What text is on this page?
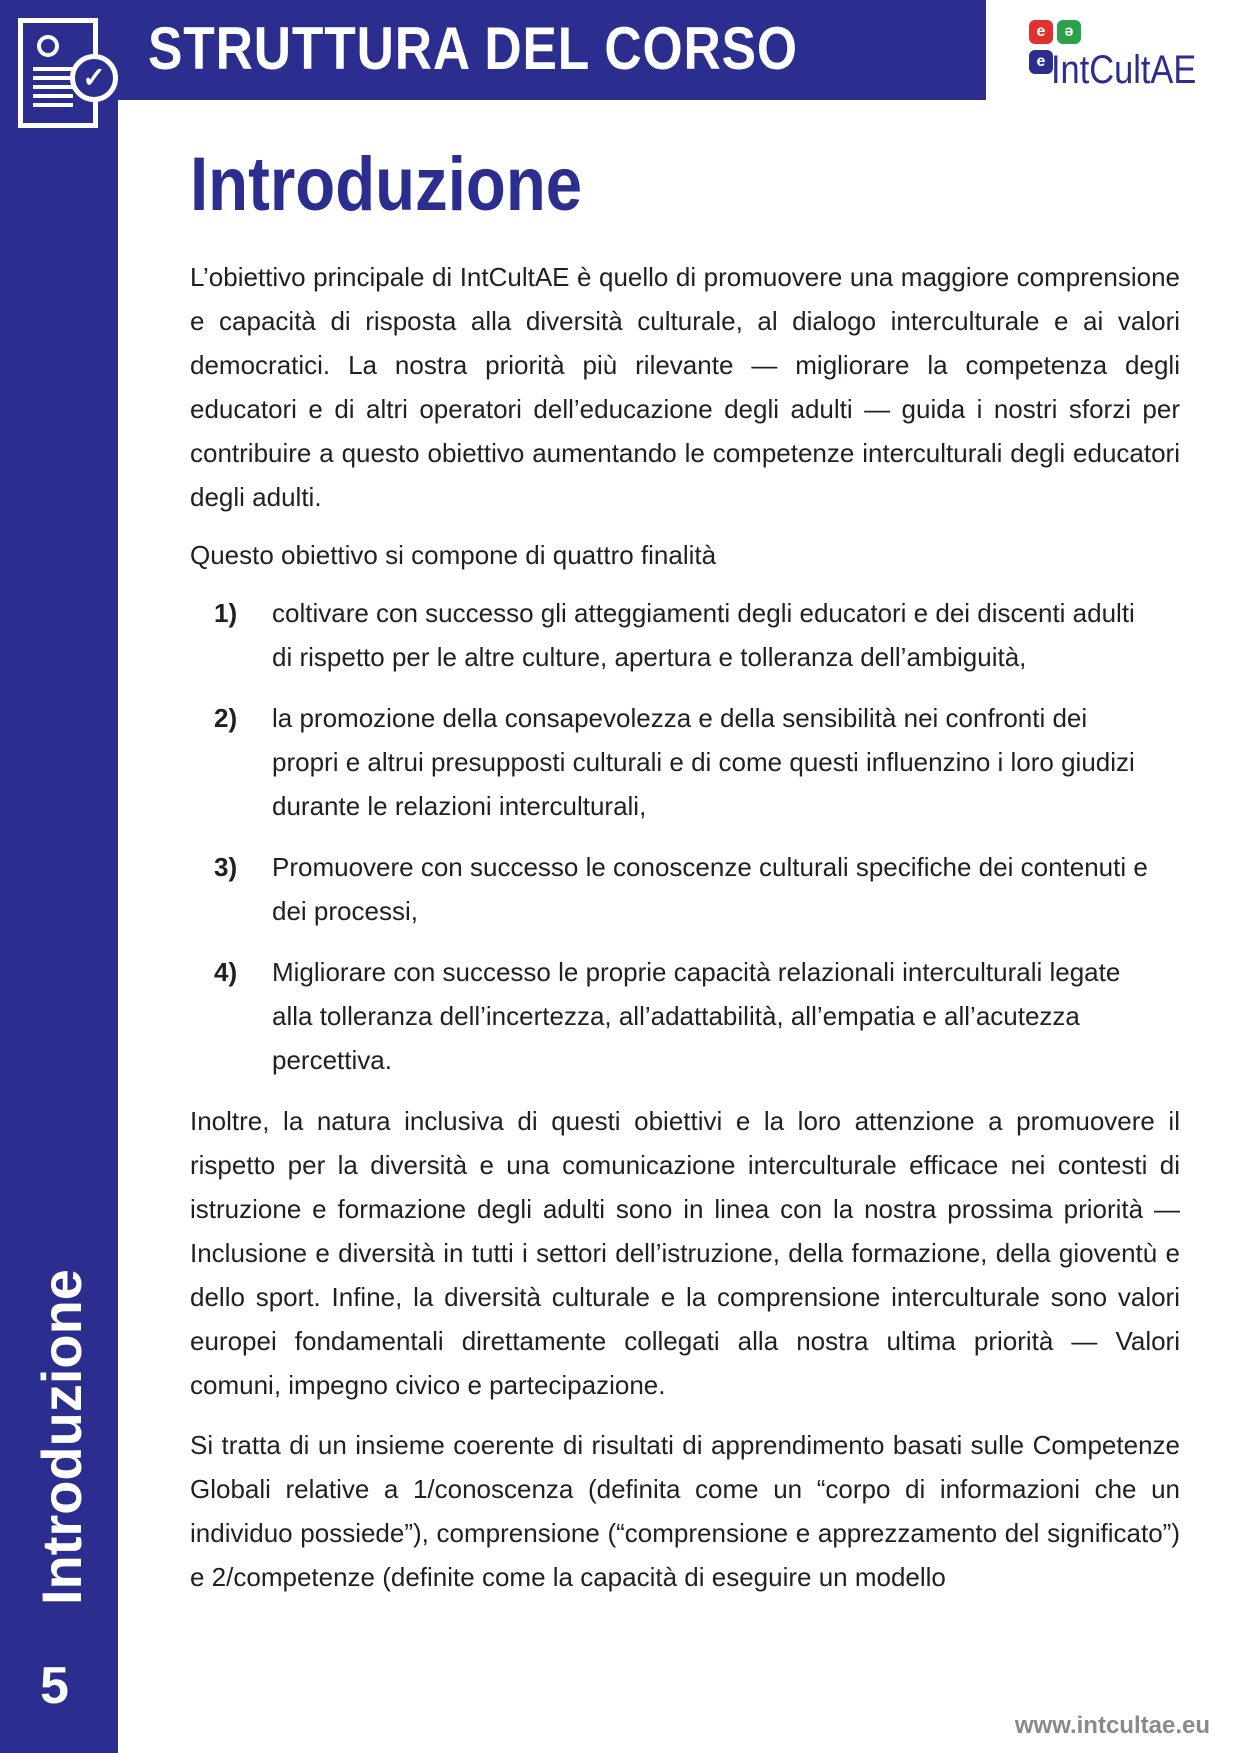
✓ STRUTTURA DEL CORSO	e	ə
e IntCultAE
Introduzione

L’obiettivo principale di IntCultAE è quello di promuovere una maggiore comprensione e capacità di risposta alla diversità culturale, al dialogo interculturale e ai valori democratici. La nostra priorità più rilevante — migliorare la competenza degli educatori e di altri operatori dell’educazione degli adulti — guida i nostri sforzi per contribuire a questo obiettivo aumentando le competenze interculturali degli educatori degli adulti.

Questo obiettivo si compone di quattro finalità

1) coltivare con successo gli atteggiamenti degli educatori e dei discenti adulti di rispetto per le altre culture, apertura e tolleranza dell’ambiguità,
2) la promozione della consapevolezza e della sensibilità nei confronti dei propri e altrui presupposti culturali e di come questi influenzino i loro giudizi durante le relazioni interculturali,
3) Promuovere con successo le conoscenze culturali specifiche dei contenuti e dei processi,
4) Migliorare con successo le proprie capacità relazionali interculturali legate alla tolleranza dell’incertezza, all’adattabilità, all’empatia e all’acutezza percettiva.

Inoltre, la natura inclusiva di questi obiettivi e la loro attenzione a promuovere il rispetto per la diversità e una comunicazione interculturale efficace nei contesti di istruzione e formazione degli adulti sono in linea con la nostra prossima priorità — Inclusione e diversità in tutti i settori dell’istruzione, della formazione, della gioventù e dello sport. Infine, la diversità culturale e la comprensione interculturale sono valori europei fondamentali direttamente collegati alla nostra ultima priorità — Valori comuni, impegno civico e partecipazione.

Si tratta di un insieme coerente di risultati di apprendimento basati sulle Competenze Globali relative a 1/conoscenza (definita come un “corpo di informazioni che un individuo possiede”), comprensione (“comprensione e apprezzamento del significato”) e 2/competenze (definite come la capacità di eseguire un modello

Introduzione
5
www.intcultae.eu
